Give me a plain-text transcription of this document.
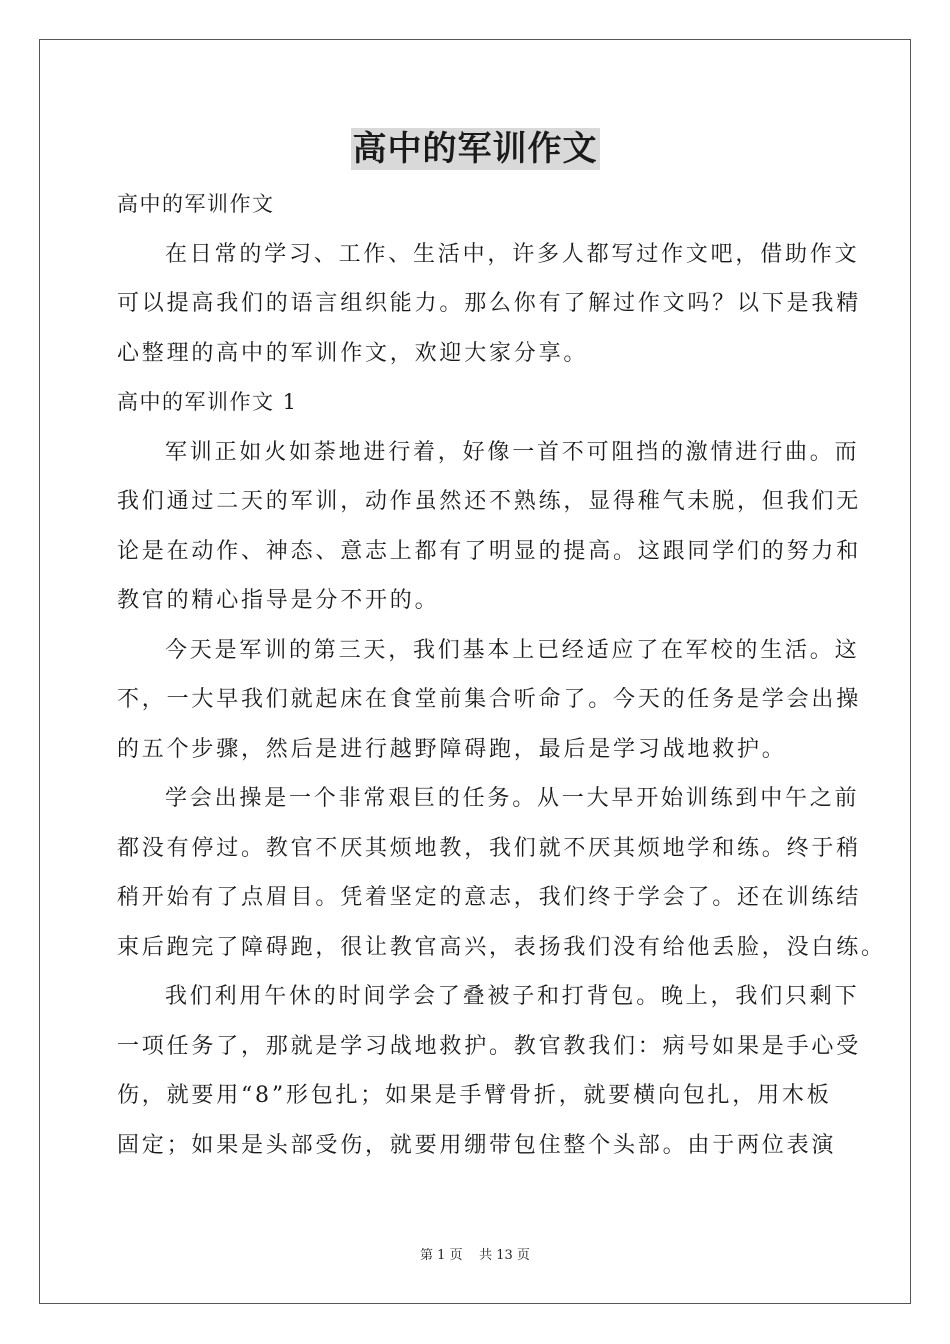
高中的军训作文
高中的军训作文
在日常的学习、工作、生活中，许多人都写过作文吧，借助作文
可以提高我们的语言组织能力。那么你有了解过作文吗？以下是我精
心整理的高中的军训作文，欢迎大家分享。
高中的军训作文 1
军训正如火如荼地进行着，好像一首不可阻挡的激情进行曲。而
我们通过二天的军训，动作虽然还不熟练，显得稚气未脱，但我们无
论是在动作、神态、意志上都有了明显的提高。这跟同学们的努力和
教官的精心指导是分不开的。
今天是军训的第三天，我们基本上已经适应了在军校的生活。这
不，一大早我们就起床在食堂前集合听命了。今天的任务是学会出操
的五个步骤，然后是进行越野障碍跑，最后是学习战地救护。
学会出操是一个非常艰巨的任务。从一大早开始训练到中午之前
都没有停过。教官不厌其烦地教，我们就不厌其烦地学和练。终于稍
稍开始有了点眉目。凭着坚定的意志，我们终于学会了。还在训练结
束后跑完了障碍跑，很让教官高兴，表扬我们没有给他丢脸，没白练。
我们利用午休的时间学会了叠被子和打背包。晚上，我们只剩下
一项任务了，那就是学习战地救护。教官教我们：病号如果是手心受
伤，就要用“8”形包扎；如果是手臂骨折，就要横向包扎，用木板
固定；如果是头部受伤，就要用绷带包住整个头部。由于两位表演
第 1 页 共 13 页
